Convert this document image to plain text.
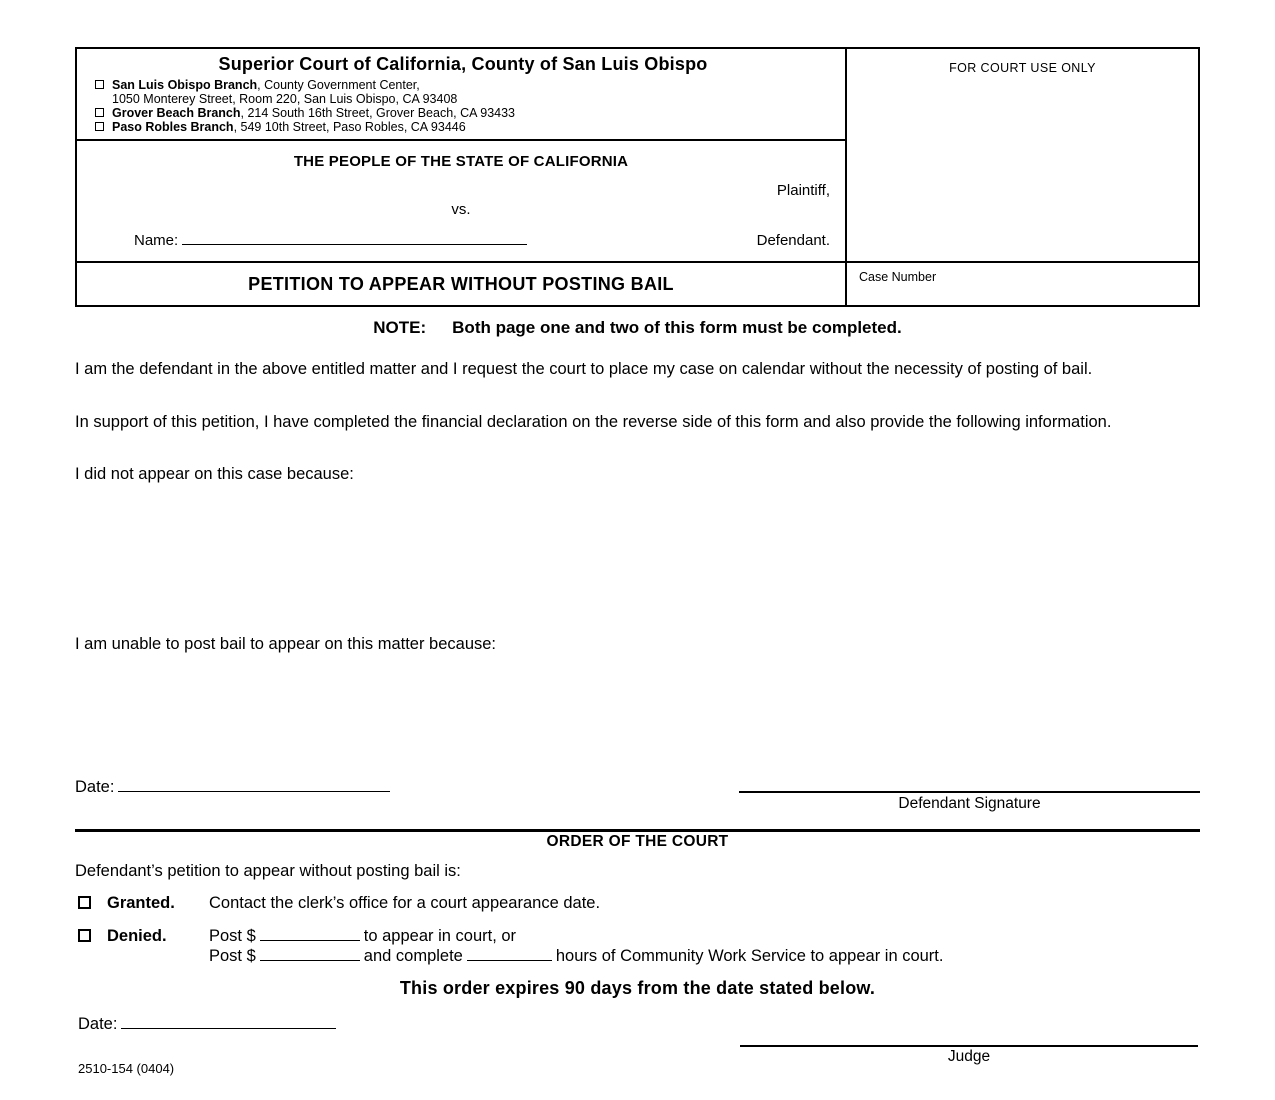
Superior Court of California, County of San Luis Obispo
San Luis Obispo Branch, County Government Center,
1050 Monterey Street, Room 220, San Luis Obispo, CA 93408
Grover Beach Branch, 214 South 16th Street, Grover Beach, CA 93433
Paso Robles Branch, 549 10th Street, Paso Robles, CA 93446
THE PEOPLE OF THE STATE OF CALIFORNIA
Plaintiff,
vs.
Name:	Defendant.
PETITION TO APPEAR WITHOUT POSTING BAIL
FOR COURT USE ONLY
Case Number
NOTE: Both page one and two of this form must be completed.
I am the defendant in the above entitled matter and I request the court to place my case on calendar without the necessity of posting of bail.
In support of this petition, I have completed the financial declaration on the reverse side of this form and also provide the following information.
I did not appear on this case because:
I am unable to post bail to appear on this matter because:
Date:
Defendant Signature
ORDER OF THE COURT
Defendant’s petition to appear without posting bail is:
Granted.	Contact the clerk’s office for a court appearance date.
Denied.	Post $	to appear in court, or
Post $	and complete	hours of Community Work Service to appear in court.
This order expires 90 days from the date stated below.
Date:
Judge
2510-154 (0404)
